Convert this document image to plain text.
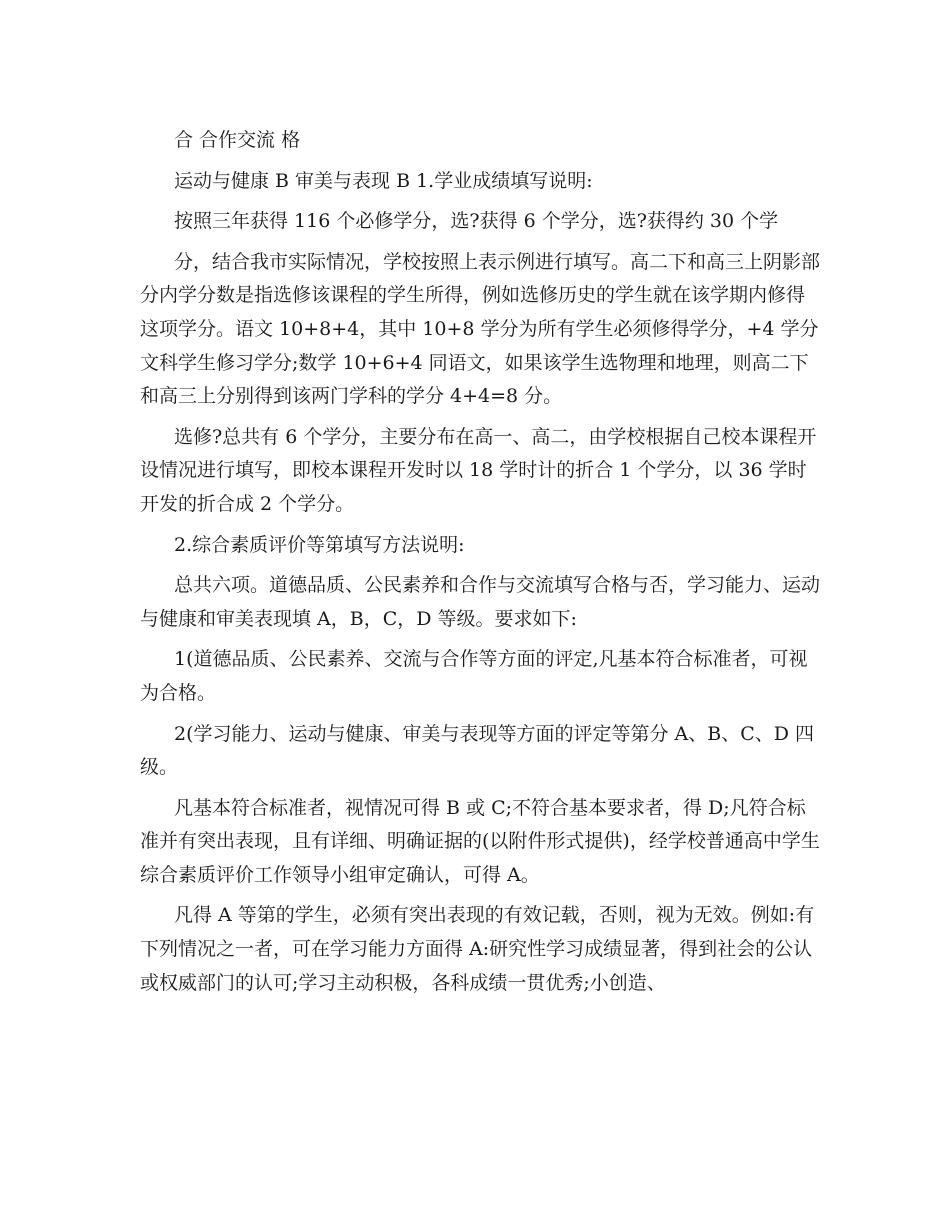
合 合作交流 格

运动与健康 B 审美与表现 B 1.学业成绩填写说明:

按照三年获得 116 个必修学分，选?获得 6 个学分，选?获得约 30 个学

分，结合我市实际情况，学校按照上表示例进行填写。高二下和高三上阴影部分内学分数是指选修该课程的学生所得，例如选修历史的学生就在该学期内修得这项学分。语文 10+8+4，其中 10+8 学分为所有学生必须修得学分，+4 学分文科学生修习学分;数学 10+6+4 同语文，如果该学生选物理和地理，则高二下和高三上分别得到该两门学科的学分 4+4=8 分。

选修?总共有 6 个学分，主要分布在高一、高二，由学校根据自己校本课程开设情况进行填写，即校本课程开发时以 18 学时计的折合 1 个学分，以 36 学时开发的折合成 2 个学分。

2.综合素质评价等第填写方法说明:

总共六项。道德品质、公民素养和合作与交流填写合格与否，学习能力、运动与健康和审美表现填 A，B，C，D 等级。要求如下:

1(道德品质、公民素养、交流与合作等方面的评定,凡基本符合标准者，可视为合格。

2(学习能力、运动与健康、审美与表现等方面的评定等第分 A、B、C、D 四级。

凡基本符合标准者，视情况可得 B 或 C;不符合基本要求者，得 D;凡符合标准并有突出表现，且有详细、明确证据的(以附件形式提供)，经学校普通高中学生综合素质评价工作领导小组审定确认，可得 A。

凡得 A 等第的学生，必须有突出表现的有效记载，否则，视为无效。例如:有下列情况之一者，可在学习能力方面得 A:研究性学习成绩显著，得到社会的公认或权威部门的认可;学习主动积极，各科成绩一贯优秀;小创造、
